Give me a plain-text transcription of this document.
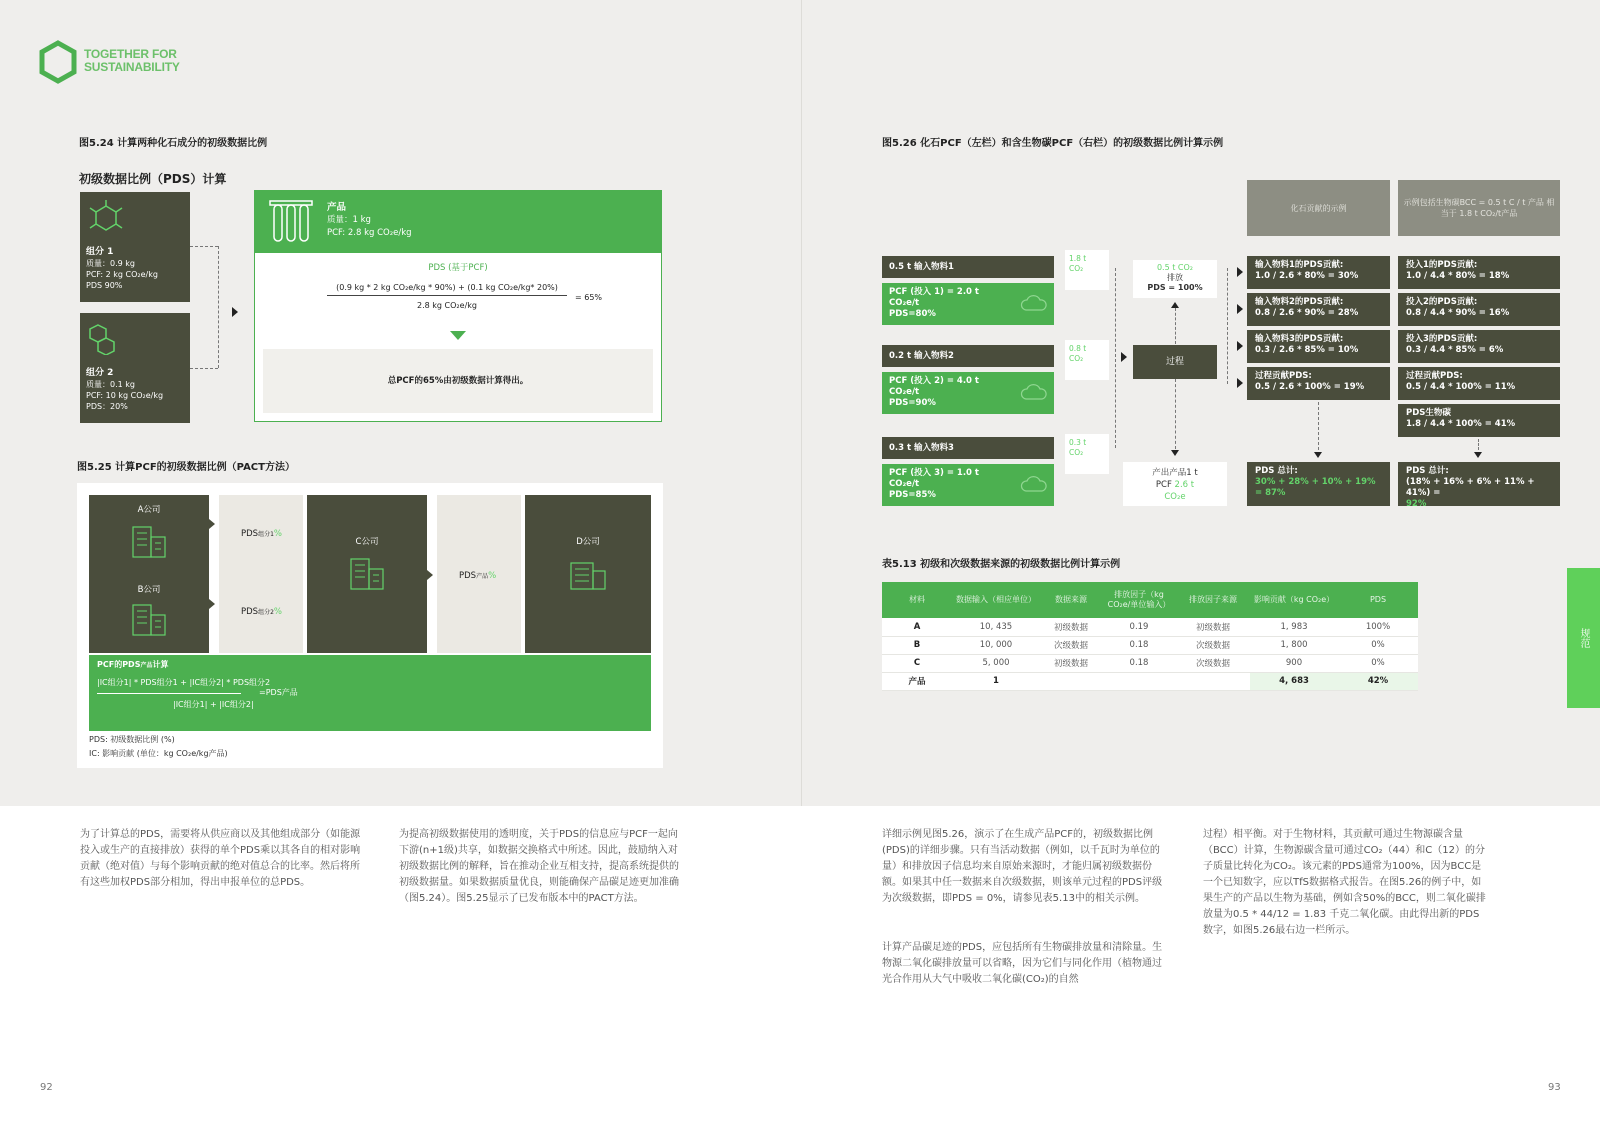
TOGETHER FOR
SUSTAINABILITY
图5.24 计算两种化石成分的初级数据比例
初级数据比例（PDS）计算
组分 1
质量：0.9 kg
PCF: 2 kg CO₂e/kg
PDS 90%
组分 2
质量：0.1 kg
PCF: 10 kg CO₂e/kg
PDS：20%
产品
质量：1 kg
PCF: 2.8 kg CO₂e/kg
PDS (基于PCF)
(0.9 kg * 2 kg CO₂e/kg * 90%) + (0.1 kg CO₂e/kg* 20%)
2.8 kg CO₂e/kg
= 65%
总PCF的65%由初级数据计算得出。
图5.25 计算PCF的初级数据比例（PACT方法）
A公司
B公司
PDS组分1%
PDS组分2%
C公司
PDS产品%
D公司
PCF的PDS产品计算
|IC组分1| * PDS组分1 + |IC组分2| * PDS组分2
|IC组分1| + |IC组分2|
=PDS产品
PDS: 初级数据比例 (%)
IC: 影响贡献 (单位：kg CO₂e/kg产品)
图5.26 化石PCF（左栏）和含生物碳PCF（右栏）的初级数据比例计算示例
化石贡献的示例
示例包括生物碳BCC = 0.5 t C / t 产品 相当于 1.8 t CO₂/t产品
0.5 t 输入物料1
PCF (投入 1) = 2.0 t
CO₂e/t
PDS=80%
1.8 t
CO₂
0.2 t 输入物料2
PCF (投入 2) = 4.0 t
CO₂e/t
PDS=90%
0.8 t
CO₂
0.3 t 输入物料3
PCF (投入 3) = 1.0 t
CO₂e/t
PDS=85%
0.3 t
CO₂
0.5 t CO₂
排放
PDS = 100%
过程
产出产品1 t
PCF 2.6 t
CO₂e
输入物料1的PDS贡献:
1.0 / 2.6 * 80% = 30%
输入物料2的PDS贡献:
0.8 / 2.6 * 90% = 28%
输入物料3的PDS贡献:
0.3 / 2.6 * 85% = 10%
过程贡献PDS:
0.5 / 2.6 * 100% = 19%
PDS 总计:
30% + 28% + 10% + 19%
= 87%
投入1的PDS贡献:
1.0 / 4.4 * 80% = 18%
投入2的PDS贡献:
0.8 / 4.4 * 90% = 16%
投入3的PDS贡献:
0.3 / 4.4 * 85% = 6%
过程贡献PDS:
0.5 / 4.4 * 100% = 11%
PDS生物碳
1.8 / 4.4 * 100% = 41%
PDS 总计:
(18% + 16% + 6% + 11% + 41%) =
92%
表5.13 初级和次级数据来源的初级数据比例计算示例
材料	数据输入（相应单位）	数据来源	排放因子（kg CO₂e/单位输入）	排放因子来源	影响贡献（kg CO₂e）	PDS
A	10, 435	初级数据	0.19	初级数据	1, 983	100%
B	10, 000	次级数据	0.18	次级数据	1, 800	0%
C	5, 000	初级数据	0.18	次级数据	900	0%
产品	1				4, 683	42%
规范
为了计算总的PDS，需要将从供应商以及其他组成部分（如能源投入或生产的直接排放）获得的单个PDS乘以其各自的相对影响贡献（绝对值）与每个影响贡献的绝对值总合的比率。然后将所有这些加权PDS部分相加，得出申报单位的总PDS。
为提高初级数据使用的透明度，关于PDS的信息应与PCF一起向下游(n+1级)共享，如数据交换格式中所述。因此，鼓励纳入对初级数据比例的解释，旨在推动企业互相支持，提高系统提供的初级数据量。如果数据质量优良，则能确保产品碳足迹更加准确（图5.24）。图5.25显示了已发布版本中的PACT方法。
详细示例见图5.26，演示了在生成产品PCF的，初级数据比例(PDS)的详细步骤。只有当活动数据（例如，以千瓦时为单位的量）和排放因子信息均来自原始来源时，才能归属初级数据份额。如果其中任一数据来自次级数据，则该单元过程的PDS评级为次级数据，即PDS = 0%，请参见表5.13中的相关示例。
计算产品碳足迹的PDS，应包括所有生物碳排放量和清除量。生物源二氧化碳排放量可以省略，因为它们与同化作用（植物通过光合作用从大气中吸收二氧化碳(CO₂)的自然
过程）相平衡。对于生物材料，其贡献可通过生物源碳含量（BCC）计算，生物源碳含量可通过CO₂（44）和C（12）的分子质量比转化为CO₂。该元素的PDS通常为100%，因为BCC是一个已知数字，应以TfS数据格式报告。在图5.26的例子中，如果生产的产品以生物为基础，例如含50%的BCC，则二氧化碳排放量为0.5 * 44/12 = 1.83 千克二氧化碳。由此得出新的PDS数字，如图5.26最右边一栏所示。
92	93
